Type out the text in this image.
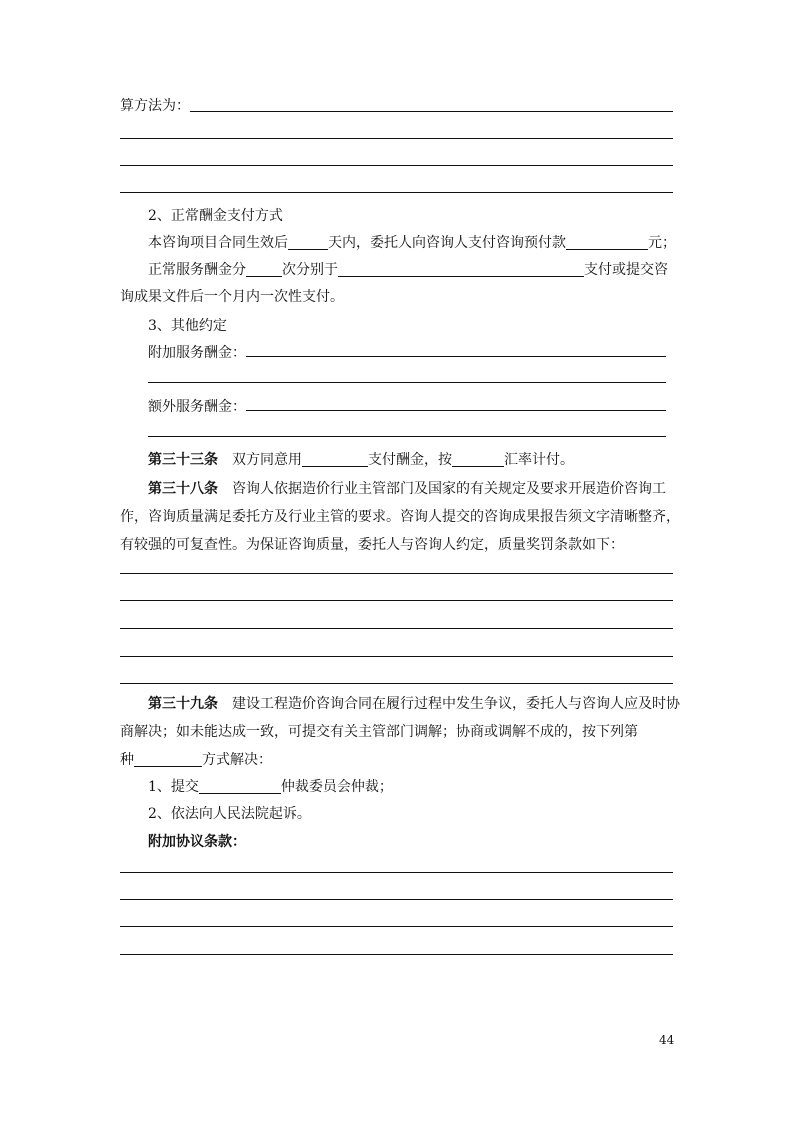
算方法为：
2、正常酬金支付方式
本咨询项目合同生效后	天内，委托人向咨询人支付咨询预付款	元；
正常服务酬金分	次分别于	支付或提交咨
询成果文件后一个月内一次性支付。
3、其他约定
附加服务酬金：
额外服务酬金：
第三十三条 双方同意用	支付酬金，按	汇率计付。
第三十八条 咨询人依据造价行业主管部门及国家的有关规定及要求开展造价咨询工
作，咨询质量满足委托方及行业主管的要求。咨询人提交的咨询成果报告须文字清晰整齐，
有较强的可复查性。为保证咨询质量，委托人与咨询人约定，质量奖罚条款如下：
第三十九条 建设工程造价咨询合同在履行过程中发生争议，委托人与咨询人应及时协
商解决；如未能达成一致，可提交有关主管部门调解；协商或调解不成的，按下列第
种	方式解决：
1、提交	仲裁委员会仲裁；
2、依法向人民法院起诉。
附加协议条款：
44
